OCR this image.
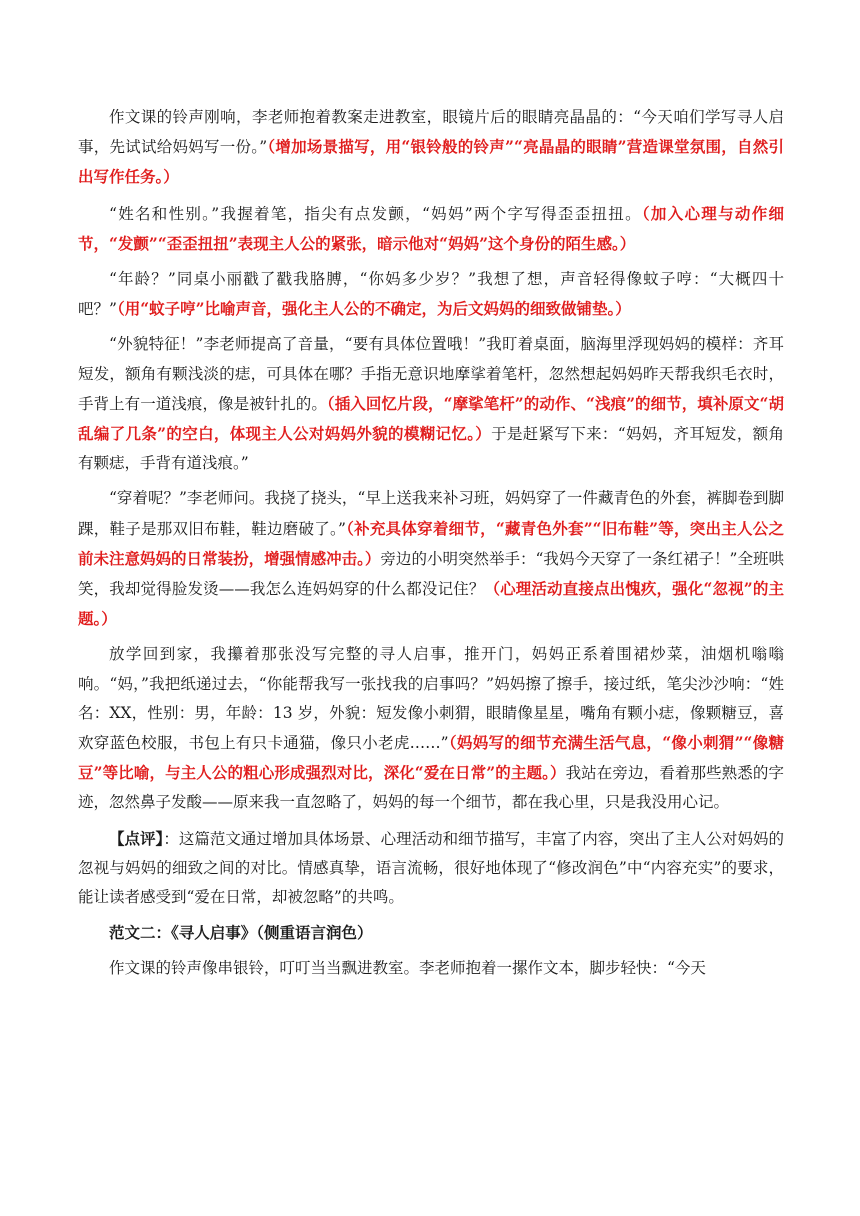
作文课的铃声刚响，李老师抱着教案走进教室，眼镜片后的眼睛亮晶晶的：“今天咱们学写寻人启事，先试试给妈妈写一份。”（增加场景描写，用“银铃般的铃声”“亮晶晶的眼睛”营造课堂氛围，自然引出写作任务。）

“姓名和性别。”我握着笔，指尖有点发颤，“妈妈”两个字写得歪歪扭扭。（加入心理与动作细节，“发颤”“歪歪扭扭”表现主人公的紧张，暗示他对“妈妈”这个身份的陌生感。）

“年龄？”同桌小丽戳了戳我胳膊，“你妈多少岁？”我想了想，声音轻得像蚊子哼：“大概四十吧？”（用“蚊子哼”比喻声音，强化主人公的不确定，为后文妈妈的细致做铺垫。）

“外貌特征！”李老师提高了音量，“要有具体位置哦！”我盯着桌面，脑海里浮现妈妈的模样：齐耳短发，额角有颗浅淡的痣，可具体在哪？手指无意识地摩挲着笔杆，忽然想起妈妈昨天帮我织毛衣时，手背上有一道浅痕，像是被针扎的。（插入回忆片段，“摩挲笔杆”的动作、“浅痕”的细节，填补原文“胡乱编了几条”的空白，体现主人公对妈妈外貌的模糊记忆。）于是赶紧写下来：“妈妈，齐耳短发，额角有颗痣，手背有道浅痕。”

“穿着呢？”李老师问。我挠了挠头，“早上送我来补习班，妈妈穿了一件藏青色的外套，裤脚卷到脚踝，鞋子是那双旧布鞋，鞋边磨破了。”（补充具体穿着细节，“藏青色外套”“旧布鞋”等，突出主人公之前未注意妈妈的日常装扮，增强情感冲击。）旁边的小明突然举手：“我妈今天穿了一条红裙子！”全班哄笑，我却觉得脸发烫——我怎么连妈妈穿的什么都没记住？（心理活动直接点出愧疚，强化“忽视”的主题。）

放学回到家，我攥着那张没写完整的寻人启事，推开门，妈妈正系着围裙炒菜，油烟机嗡嗡响。“妈，”我把纸递过去，“你能帮我写一张找我的启事吗？”妈妈擦了擦手，接过纸，笔尖沙沙响：“姓名：XX，性别：男，年龄：13 岁，外貌：短发像小刺猬，眼睛像星星，嘴角有颗小痣，像颗糖豆，喜欢穿蓝色校服，书包上有只卡通猫，像只小老虎……”（妈妈写的细节充满生活气息，“像小刺猬”“像糖豆”等比喻，与主人公的粗心形成强烈对比，深化“爱在日常”的主题。）我站在旁边，看着那些熟悉的字迹，忽然鼻子发酸——原来我一直忽略了，妈妈的每一个细节，都在我心里，只是我没用心记。

【点评】：这篇范文通过增加具体场景、心理活动和细节描写，丰富了内容，突出了主人公对妈妈的忽视与妈妈的细致之间的对比。情感真挚，语言流畅，很好地体现了“修改润色”中“内容充实”的要求，能让读者感受到“爱在日常，却被忽略”的共鸣。

范文二：《寻人启事》（侧重语言润色）

作文课的铃声像串银铃，叮叮当当飘进教室。李老师抱着一摞作文本，脚步轻快：“今天
